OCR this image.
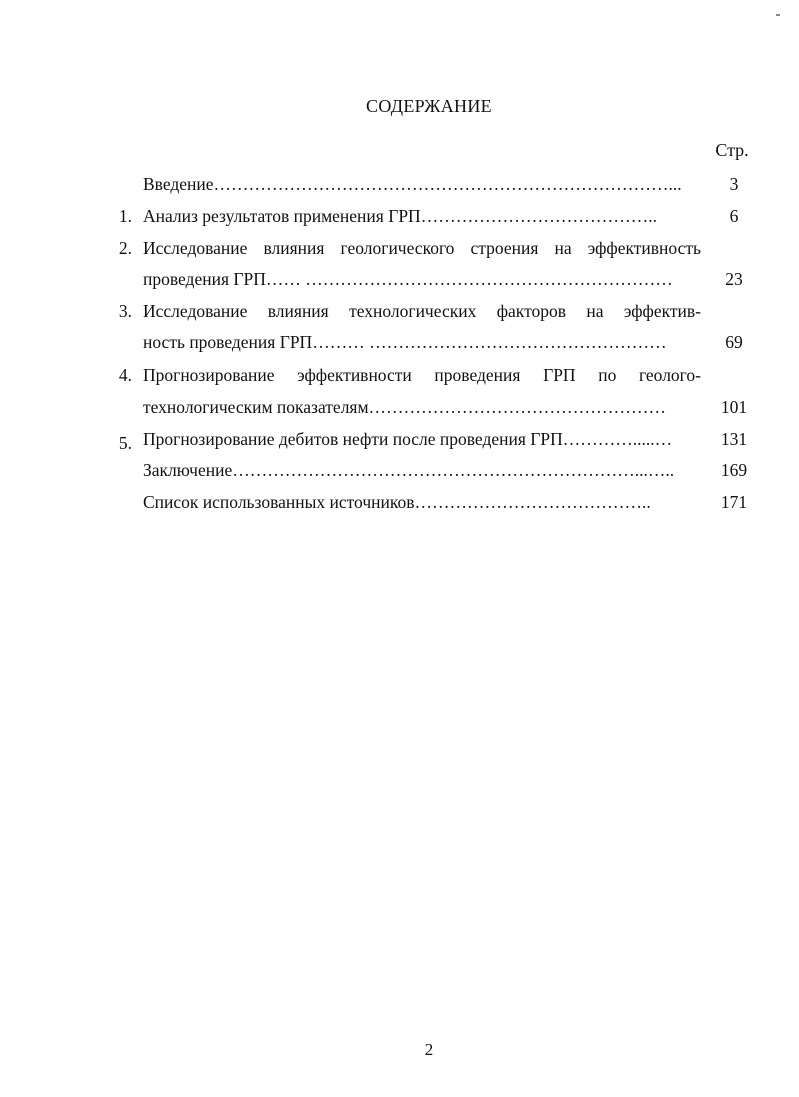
СОДЕРЖАНИЕ
Стр.
Введение……………………………………………………………………...	3
1. Анализ результатов применения ГРП…………………………………..	6
2. Исследование влияния геологического строения на эффективность
проведения ГРП…… ………………………………………………………	23
3. Исследование влияния технологических факторов на эффектив-
ность проведения ГРП……… ……………………………………………	69
4. Прогнозирование эффективности проведения ГРП по геолого-
технологическим показателям……………………………………………	101
5. Прогнозирование дебитов нефти после проведения ГРП………….....…	131
Заключение……………………………………………………………...…..	169
Список использованных источников…………………………………..	171
2
